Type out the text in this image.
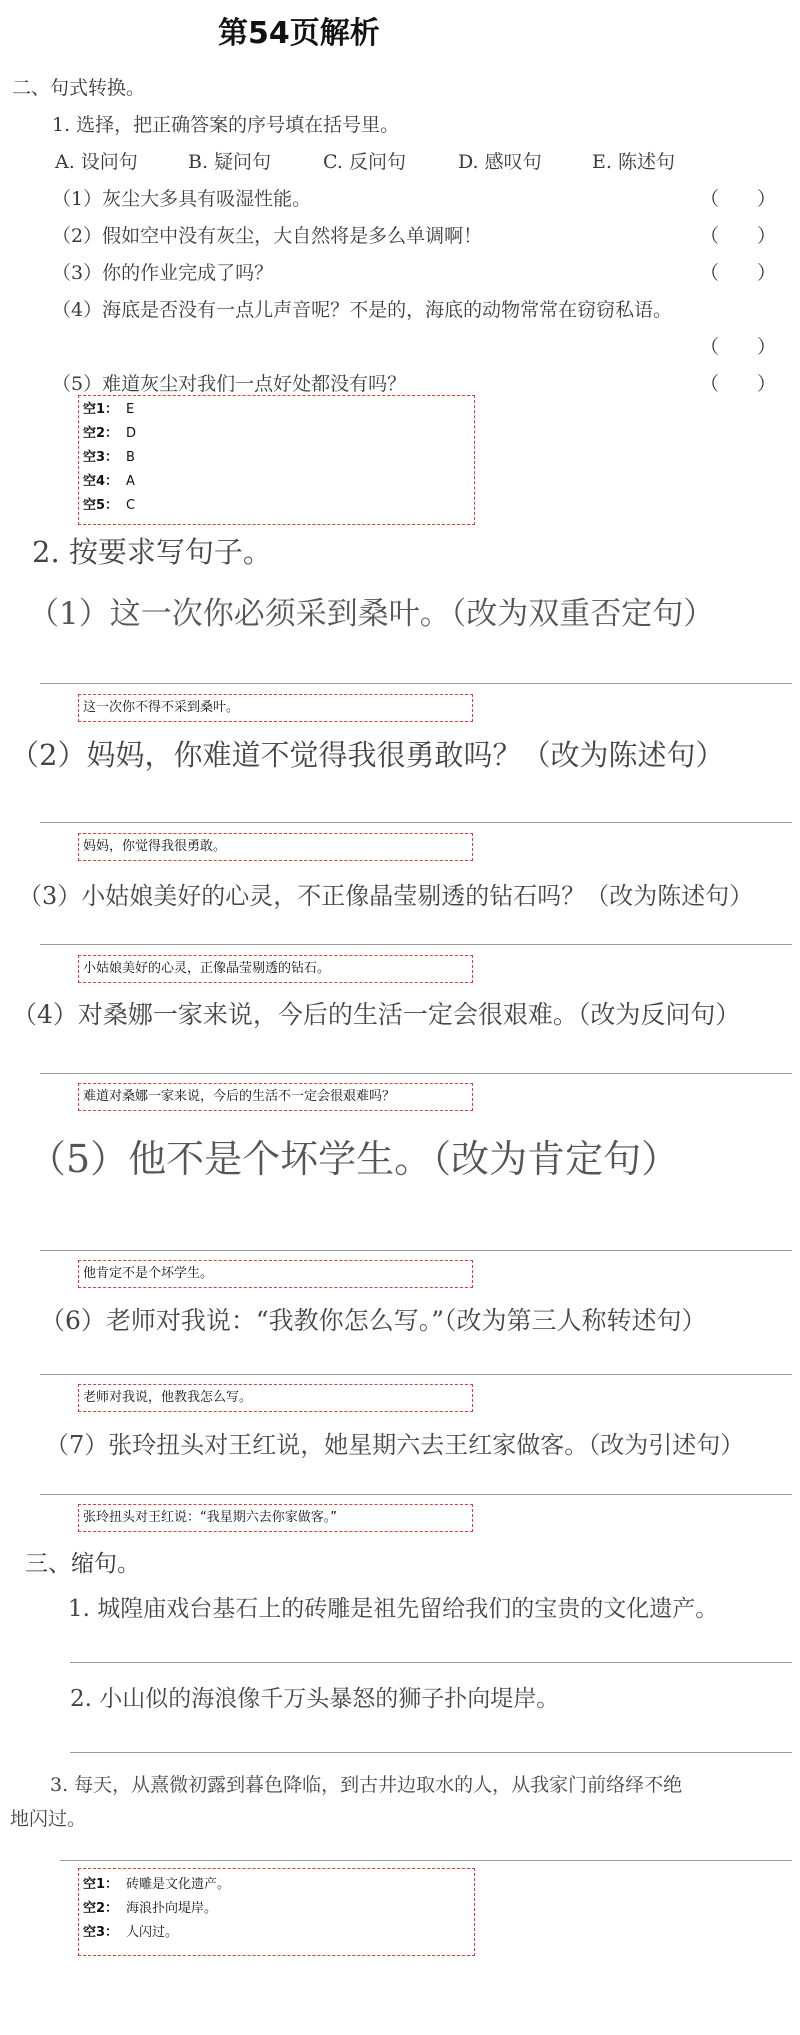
第54页解析
二、句式转换。
1. 选择，把正确答案的序号填在括号里。
A. 设问句	B. 疑问句	C. 反问句	D. 感叹句	E. 陈述句
（1）灰尘大多具有吸湿性能。	（　　）
（2）假如空中没有灰尘，大自然将是多么单调啊！	（　　）
（3）你的作业完成了吗？	（　　）
（4）海底是否没有一点儿声音呢？不是的，海底的动物常常在窃窃私语。
（　　）
（5）难道灰尘对我们一点好处都没有吗？	（　　）
空1： E
空2： D
空3： B
空4： A
空5： C
2. 按要求写句子。
（1）这一次你必须采到桑叶。（改为双重否定句）
这一次你不得不采到桑叶。
（2）妈妈，你难道不觉得我很勇敢吗？（改为陈述句）
妈妈，你觉得我很勇敢。
（3）小姑娘美好的心灵，不正像晶莹剔透的钻石吗？（改为陈述句）
小姑娘美好的心灵，正像晶莹剔透的钻石。
（4）对桑娜一家来说，今后的生活一定会很艰难。（改为反问句）
难道对桑娜一家来说，今后的生活不一定会很艰难吗？
（5）他不是个坏学生。（改为肯定句）
他肯定不是个坏学生。
（6）老师对我说：“我教你怎么写。”（改为第三人称转述句）
老师对我说，他教我怎么写。
（7）张玲扭头对王红说，她星期六去王红家做客。（改为引述句）
张玲扭头对王红说：“我星期六去你家做客。”
三、缩句。
1. 城隍庙戏台基石上的砖雕是祖先留给我们的宝贵的文化遗产。
2. 小山似的海浪像千万头暴怒的狮子扑向堤岸。
3. 每天，从熹微初露到暮色降临，到古井边取水的人，从我家门前络绎不绝
地闪过。
空1： 砖雕是文化遗产。
空2： 海浪扑向堤岸。
空3： 人闪过。
